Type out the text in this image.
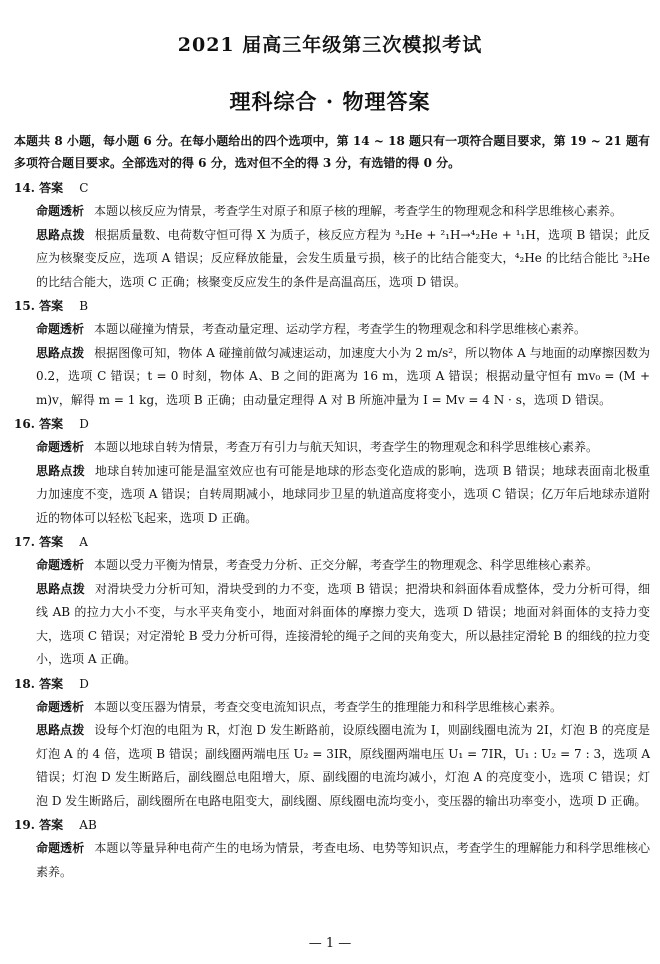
2021 届高三年级第三次模拟考试
理科综合 · 物理答案
本题共 8 小题，每小题 6 分。在每小题给出的四个选项中，第 14 ~ 18 题只有一项符合题目要求，第 19 ~ 21 题有多项符合题目要求。全部选对的得 6 分，选对但不全的得 3 分，有选错的得 0 分。
14. 答案 C
命题透析 本题以核反应为情景，考查学生对原子和原子核的理解，考查学生的物理观念和科学思维核心素养。
思路点拨 根据质量数、电荷数守恒可得 X 为质子，核反应方程为 ³₂He + ²₁H→⁴₂He + ¹₁H，选项 B 错误；此反应为核聚变反应，选项 A 错误；反应释放能量，会发生质量亏损，核子的比结合能变大，⁴₂He 的比结合能比 ³₂He 的比结合能大，选项 C 正确；核聚变反应发生的条件是高温高压，选项 D 错误。
15. 答案 B
命题透析 本题以碰撞为情景，考查动量定理、运动学方程，考查学生的物理观念和科学思维核心素养。
思路点拨 根据图像可知，物体 A 碰撞前做匀减速运动，加速度大小为 2 m/s²，所以物体 A 与地面的动摩擦因数为 0.2，选项 C 错误；t = 0 时刻，物体 A、B 之间的距离为 16 m，选项 A 错误；根据动量守恒有 mv₀ = (M + m)v，解得 m = 1 kg，选项 B 正确；由动量定理得 A 对 B 所施冲量为 I = Mv = 4 N · s，选项 D 错误。
16. 答案 D
命题透析 本题以地球自转为情景，考查万有引力与航天知识，考查学生的物理观念和科学思维核心素养。
思路点拨 地球自转加速可能是温室效应也有可能是地球的形态变化造成的影响，选项 B 错误；地球表面南北极重力加速度不变，选项 A 错误；自转周期减小，地球同步卫星的轨道高度将变小，选项 C 错误；亿万年后地球赤道附近的物体可以轻松飞起来，选项 D 正确。
17. 答案 A
命题透析 本题以受力平衡为情景，考查受力分析、正交分解，考查学生的物理观念、科学思维核心素养。
思路点拨 对滑块受力分析可知，滑块受到的力不变，选项 B 错误；把滑块和斜面体看成整体，受力分析可得，细线 AB 的拉力大小不变，与水平夹角变小，地面对斜面体的摩擦力变大，选项 D 错误；地面对斜面体的支持力变大，选项 C 错误；对定滑轮 B 受力分析可得，连接滑轮的绳子之间的夹角变大，所以悬挂定滑轮 B 的细线的拉力变小，选项 A 正确。
18. 答案 D
命题透析 本题以变压器为情景，考查交变电流知识点，考查学生的推理能力和科学思维核心素养。
思路点拨 设每个灯泡的电阻为 R，灯泡 D 发生断路前，设原线圈电流为 I，则副线圈电流为 2I，灯泡 B 的亮度是灯泡 A 的 4 倍，选项 B 错误；副线圈两端电压 U₂ = 3IR，原线圈两端电压 U₁ = 7IR，U₁ : U₂ = 7 : 3，选项 A 错误；灯泡 D 发生断路后，副线圈总电阻增大，原、副线圈的电流均减小，灯泡 A 的亮度变小，选项 C 错误；灯泡 D 发生断路后，副线圈所在电路电阻变大，副线圈、原线圈电流均变小，变压器的输出功率变小，选项 D 正确。
19. 答案 AB
命题透析 本题以等量异种电荷产生的电场为情景，考查电场、电势等知识点，考查学生的理解能力和科学思维核心素养。
— 1 —
